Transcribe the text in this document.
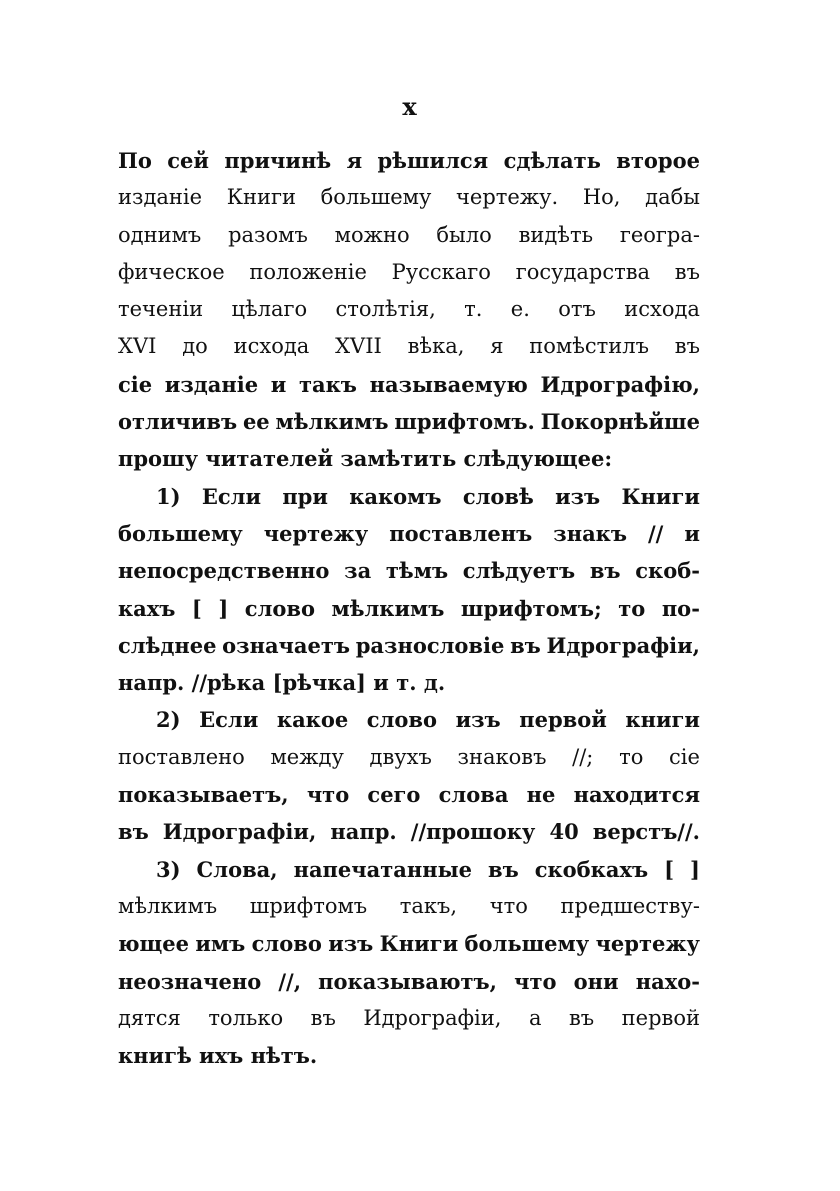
x
По сей причинѣ я рѣшился сдѣлать второе
изданіе Книги большему чертежу. Но, дабы
однимъ разомъ можно было видѣть геогра-
фическое положеніе Русскаго государства въ
теченіи цѣлаго столѣтія, т. е. отъ исхода
XVI до исхода XVII вѣка, я помѣстилъ въ
сіе изданіе и такъ называемую Идрографію,
отличивъ ее мѣлкимъ шрифтомъ. Покорнѣйше
прошу читателей замѣтить слѣдующее:
1) Если при какомъ словѣ изъ Книги
большему чертежу поставленъ знакъ // и
непосредственно за тѣмъ слѣдуетъ въ скоб-
кахъ [ ] слово мѣлкимъ шрифтомъ; то по-
слѣднее означаетъ разнословіе въ Идрографіи,
напр. //рѣка [рѣчка] и т. д.
2) Если какое слово изъ первой книги
поставлено между двухъ знаковъ //; то сіе
показываетъ, что сего слова не находится
въ Идрографіи, напр. //прошоку 40 верстъ//.
3) Слова, напечатанные въ скобкахъ [ ]
мѣлкимъ шрифтомъ такъ, что предшеству-
ющее имъ слово изъ Книги большему чертежу
неозначено //, показываютъ, что они нахо-
дятся только въ Идрографіи, а въ первой
книгѣ ихъ нѣтъ.
